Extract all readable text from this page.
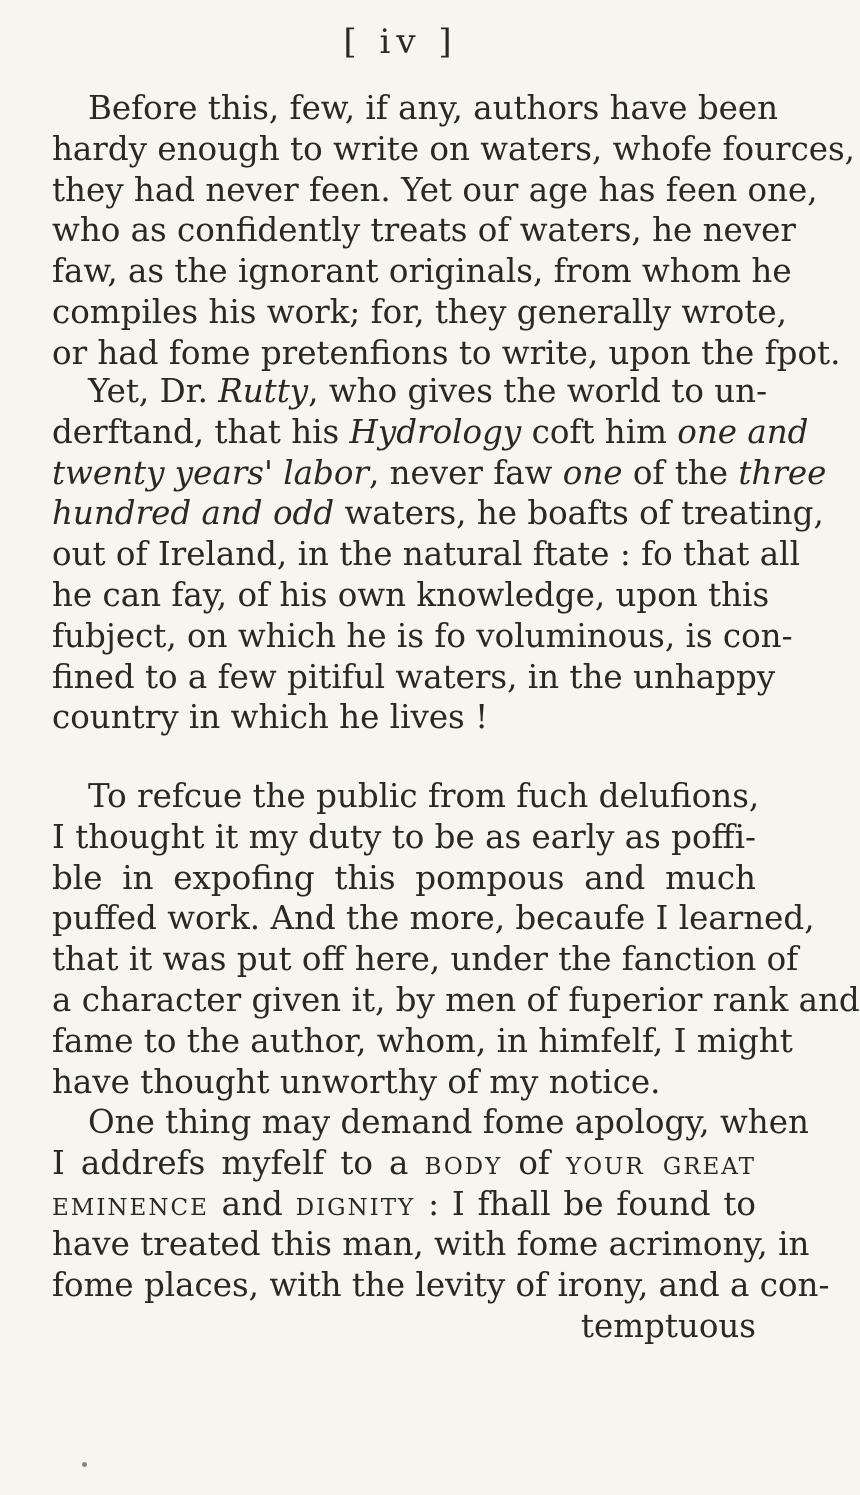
[ iv ]
Before this, few, if any, authors have been
hardy enough to write on waters, whofe fources,
they had never feen. Yet our age has feen one,
who as confidently treats of waters, he never
faw, as the ignorant originals, from whom he
compiles his work; for, they generally wrote,
or had fome pretenfions to write, upon the fpot.
Yet, Dr. Rutty, who gives the world to un-
derftand, that his Hydrology coft him one and
twenty years' labor, never faw one of the three
hundred and odd waters, he boafts of treating,
out of Ireland, in the natural ftate : fo that all
he can fay, of his own knowledge, upon this
fubject, on which he is fo voluminous, is con-
fined to a few pitiful waters, in the unhappy
country in which he lives !
To refcue the public from fuch delufions,
I thought it my duty to be as early as poffi-
ble in expofing this pompous and much
puffed work. And the more, becaufe I learned,
that it was put off here, under the fanction of
a character given it, by men of fuperior rank and
fame to the author, whom, in himfelf, I might
have thought unworthy of my notice.
One thing may demand fome apology, when
I addrefs myfelf to a body of your great
eminence and dignity : I fhall be found to
have treated this man, with fome acrimony, in
fome places, with the levity of irony, and a con-
temptuous
